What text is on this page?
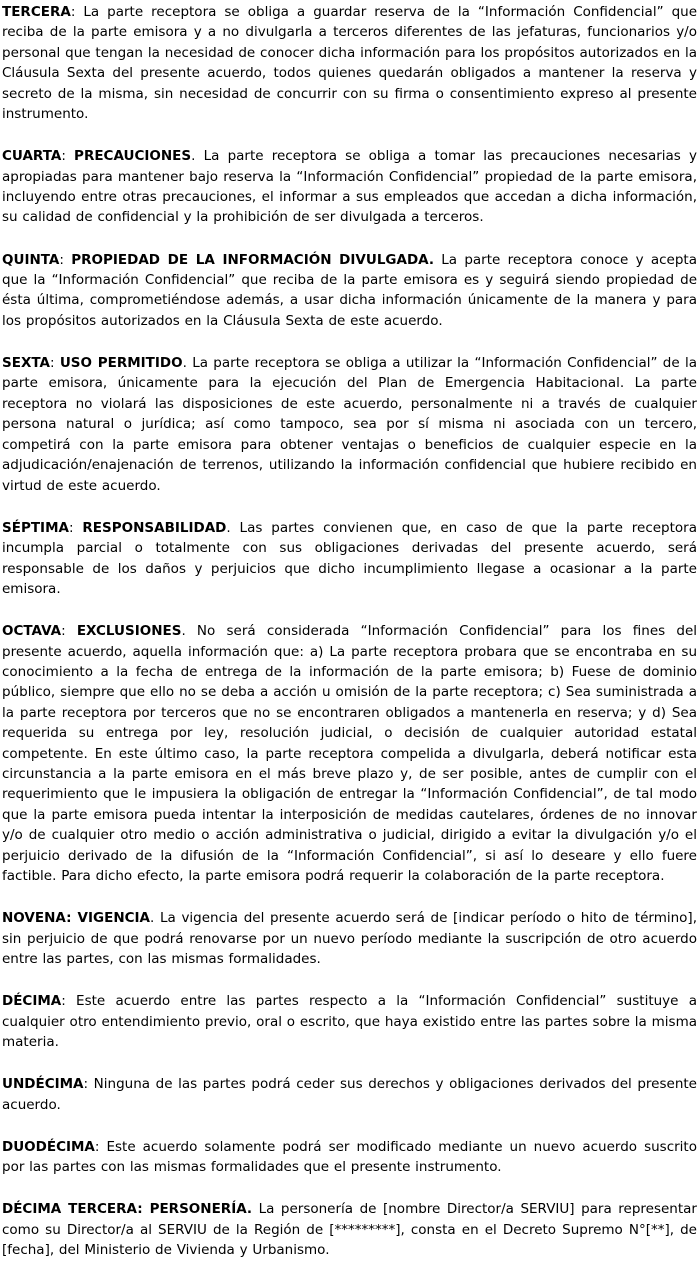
TERCERA: La parte receptora se obliga a guardar reserva de la “Información Confidencial” que reciba de la parte emisora y a no divulgarla a terceros diferentes de las jefaturas, funcionarios y/o personal que tengan la necesidad de conocer dicha información para los propósitos autorizados en la Cláusula Sexta del presente acuerdo, todos quienes quedarán obligados a mantener la reserva y secreto de la misma, sin necesidad de concurrir con su firma o consentimiento expreso al presente instrumento.

CUARTA: PRECAUCIONES. La parte receptora se obliga a tomar las precauciones necesarias y apropiadas para mantener bajo reserva la “Información Confidencial” propiedad de la parte emisora, incluyendo entre otras precauciones, el informar a sus empleados que accedan a dicha información, su calidad de confidencial y la prohibición de ser divulgada a terceros.

QUINTA: PROPIEDAD DE LA INFORMACIÓN DIVULGADA. La parte receptora conoce y acepta que la “Información Confidencial” que reciba de la parte emisora es y seguirá siendo propiedad de ésta última, comprometiéndose además, a usar dicha información únicamente de la manera y para los propósitos autorizados en la Cláusula Sexta de este acuerdo.

SEXTA: USO PERMITIDO. La parte receptora se obliga a utilizar la “Información Confidencial” de la parte emisora, únicamente para la ejecución del Plan de Emergencia Habitacional. La parte receptora no violará las disposiciones de este acuerdo, personalmente ni a través de cualquier persona natural o jurídica; así como tampoco, sea por sí misma ni asociada con un tercero, competirá con la parte emisora para obtener ventajas o beneficios de cualquier especie en la adjudicación/enajenación de terrenos, utilizando la información confidencial que hubiere recibido en virtud de este acuerdo.

SÉPTIMA: RESPONSABILIDAD. Las partes convienen que, en caso de que la parte receptora incumpla parcial o totalmente con sus obligaciones derivadas del presente acuerdo, será responsable de los daños y perjuicios que dicho incumplimiento llegase a ocasionar a la parte emisora.

OCTAVA: EXCLUSIONES. No será considerada “Información Confidencial” para los fines del presente acuerdo, aquella información que: a) La parte receptora probara que se encontraba en su conocimiento a la fecha de entrega de la información de la parte emisora; b) Fuese de dominio público, siempre que ello no se deba a acción u omisión de la parte receptora; c) Sea suministrada a la parte receptora por terceros que no se encontraren obligados a mantenerla en reserva; y d) Sea requerida su entrega por ley, resolución judicial, o decisión de cualquier autoridad estatal competente. En este último caso, la parte receptora compelida a divulgarla, deberá notificar esta circunstancia a la parte emisora en el más breve plazo y, de ser posible, antes de cumplir con el requerimiento que le impusiera la obligación de entregar la “Información Confidencial”, de tal modo que la parte emisora pueda intentar la interposición de medidas cautelares, órdenes de no innovar y/o de cualquier otro medio o acción administrativa o judicial, dirigido a evitar la divulgación y/o el perjuicio derivado de la difusión de la “Información Confidencial”, si así lo deseare y ello fuere factible. Para dicho efecto, la parte emisora podrá requerir la colaboración de la parte receptora.

NOVENA: VIGENCIA. La vigencia del presente acuerdo será de [indicar período o hito de término], sin perjuicio de que podrá renovarse por un nuevo período mediante la suscripción de otro acuerdo entre las partes, con las mismas formalidades.

DÉCIMA: Este acuerdo entre las partes respecto a la “Información Confidencial” sustituye a cualquier otro entendimiento previo, oral o escrito, que haya existido entre las partes sobre la misma materia.

UNDÉCIMA: Ninguna de las partes podrá ceder sus derechos y obligaciones derivados del presente acuerdo.

DUODÉCIMA: Este acuerdo solamente podrá ser modificado mediante un nuevo acuerdo suscrito por las partes con las mismas formalidades que el presente instrumento.

DÉCIMA TERCERA: PERSONERÍA. La personería de [nombre Director/a SERVIU] para representar como su Director/a al SERVIU de la Región de [*********], consta en el Decreto Supremo N°[**], de [fecha], del Ministerio de Vivienda y Urbanismo.
